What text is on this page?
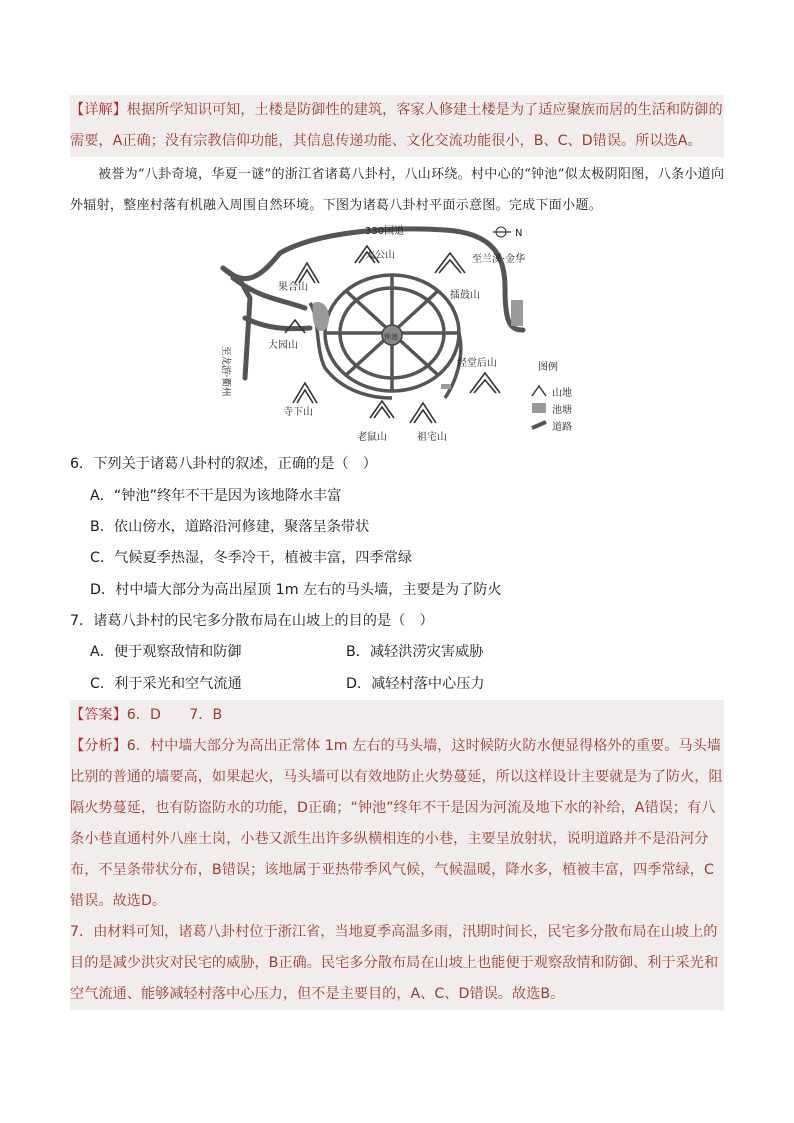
【详解】根据所学知识可知，土楼是防御性的建筑，客家人修建土楼是为了适应聚族而居的生活和防御的需要，A正确；没有宗教信仰功能，其信息传递功能、文化交流功能很小，B、C、D错误。所以选A。
被誉为“八卦奇境，华夏一谜”的浙江省诸葛八卦村，八山环绕。村中心的“钟池”似太极阴阳图，八条小道向外辐射，整座村落有机融入周围自然环境。下图为诸葛八卦村平面示意图。完成下面小题。
N
330国道
太公山
果合山
至兰溪·金华
擂鼓山
钟池
经堂后山
大园山
寺下山
老鼠山	祖宅山
至龙游·衢州	图例
山地
池塘
道路
6．下列关于诸葛八卦村的叙述，正确的是（　）
A．“钟池”终年不干是因为该地降水丰富
B．依山傍水，道路沿河修建，聚落呈条带状
C．气候夏季热湿，冬季冷干，植被丰富，四季常绿
D．村中墙大部分为高出屋顶 1m 左右的马头墙，主要是为了防火
7．诸葛八卦村的民宅多分散布局在山坡上的目的是（　）
A．便于观察敌情和防御	B．减轻洪涝灾害威胁
C．利于采光和空气流通	D．减轻村落中心压力
【答案】6．D　　7．B
【分析】6．村中墙大部分为高出正常体 1m 左右的马头墙，这时候防火防水便显得格外的重要。马头墙比别的普通的墙要高，如果起火，马头墙可以有效地防止火势蔓延，所以这样设计主要就是为了防火，阻隔火势蔓延，也有防盗防水的功能，D正确；“钟池”终年不干是因为河流及地下水的补给，A错误；有八条小巷直通村外八座土岗，小巷又派生出许多纵横相连的小巷，主要呈放射状，说明道路并不是沿河分布，不呈条带状分布，B错误；该地属于亚热带季风气候，气候温暖，降水多，植被丰富，四季常绿，C错误。故选D。
7．由材料可知，诸葛八卦村位于浙江省，当地夏季高温多雨，汛期时间长，民宅多分散布局在山坡上的目的是减少洪灾对民宅的威胁，B正确。民宅多分散布局在山坡上也能便于观察敌情和防御、利于采光和空气流通、能够减轻村落中心压力，但不是主要目的，A、C、D错误。故选B。
